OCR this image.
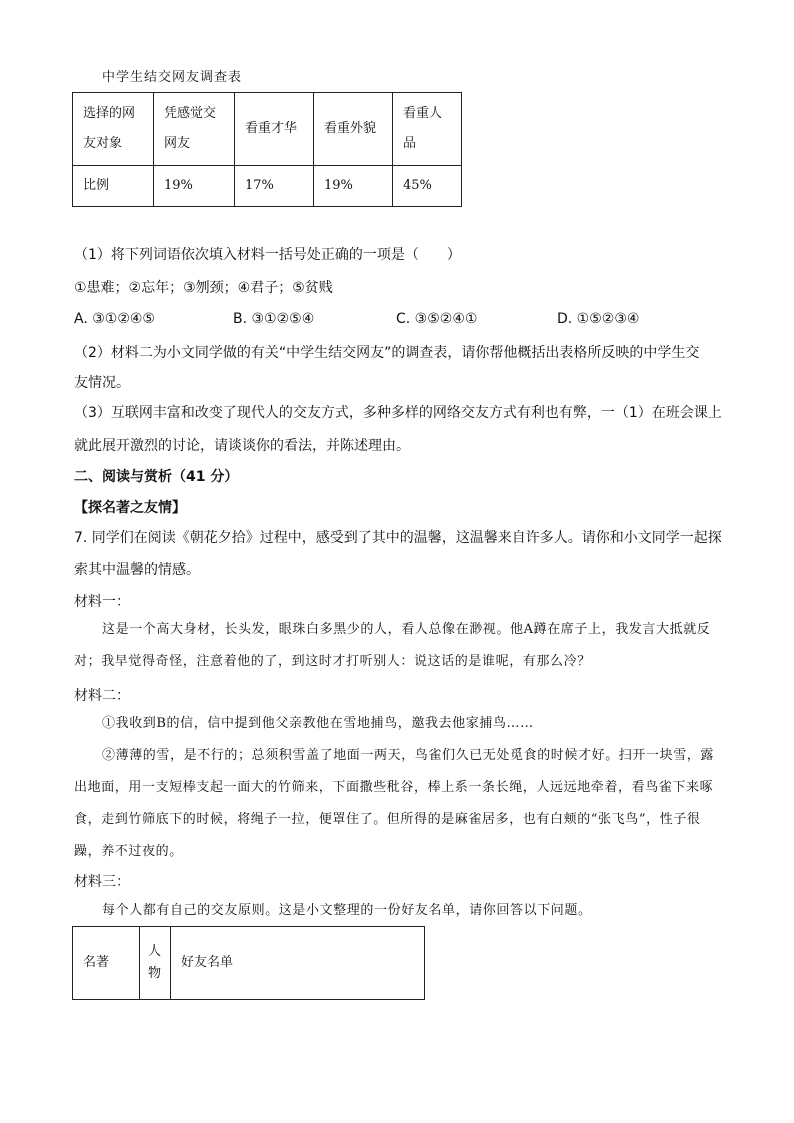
中学生结交网友调查表
选择的网友对象	凭感觉交网友	看重才华	看重外貌	看重人品
比例	19%	17%	19%	45%
（1）将下列词语依次填入材料一括号处正确的一项是（　　）
①患难；②忘年；③刎颈；④君子；⑤贫贱
A. ③①②④⑤	B. ③①②⑤④	C. ③⑤②④①	D. ①⑤②③④
（2）材料二为小文同学做的有关“中学生结交网友”的调查表，请你帮他概括出表格所反映的中学生交
友情况。
（3）互联网丰富和改变了现代人的交友方式，多种多样的网络交友方式有利也有弊，一（1）在班会课上
就此展开激烈的讨论，请谈谈你的看法，并陈述理由。
二、阅读与赏析（41 分）
【探名著之友情】
7. 同学们在阅读《朝花夕拾》过程中，感受到了其中的温馨，这温馨来自许多人。请你和小文同学一起探
索其中温馨的情感。
材料一：
这是一个高大身材，长头发，眼珠白多黑少的人，看人总像在渺视。他A蹲在席子上，我发言大抵就反对；我早觉得奇怪，注意着他的了，到这时才打听别人：说这话的是谁呢，有那么冷？
材料二：
①我收到B的信，信中提到他父亲教他在雪地捕鸟，邀我去他家捕鸟……
②薄薄的雪，是不行的；总须积雪盖了地面一两天，鸟雀们久已无处觅食的时候才好。扫开一块雪，露出地面，用一支短棒支起一面大的竹筛来，下面撒些秕谷，棒上系一条长绳，人远远地牵着，看鸟雀下来啄食，走到竹筛底下的时候，将绳子一拉，便罩住了。但所得的是麻雀居多，也有白颊的“张飞鸟”，性子很躁，养不过夜的。
材料三：
每个人都有自己的交友原则。这是小文整理的一份好友名单，请你回答以下问题。
名著	人物	好友名单
